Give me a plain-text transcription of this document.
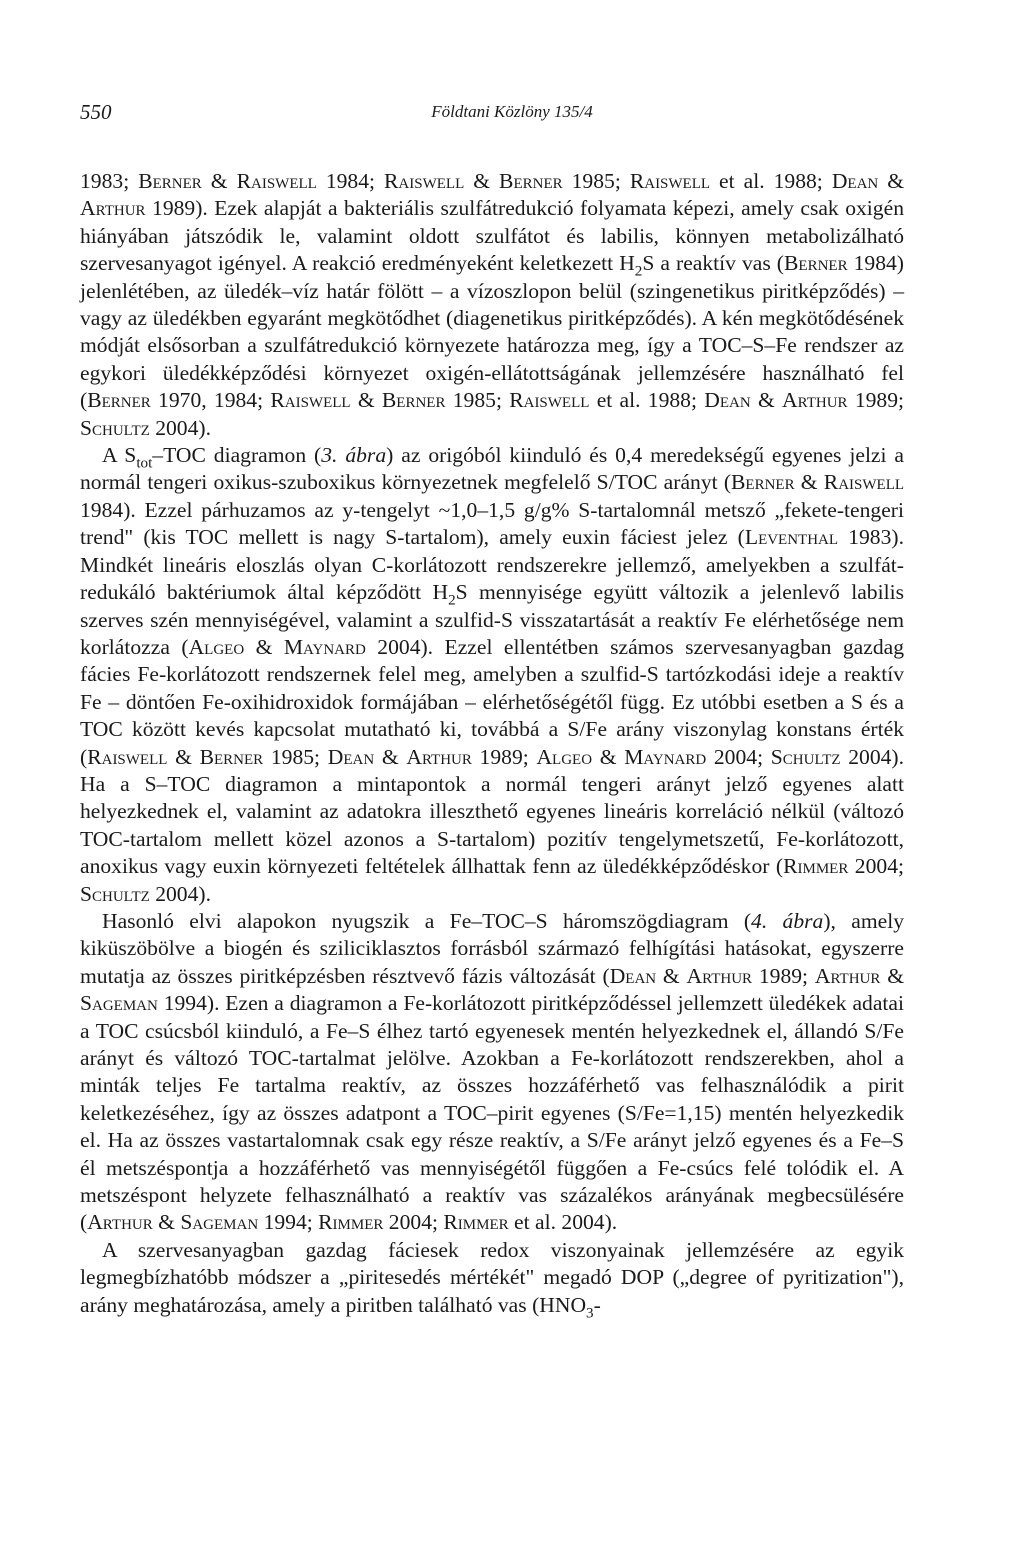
550	Földtani Közlöny 135/4

1983; Berner & Raiswell 1984; Raiswell & Berner 1985; Raiswell et al. 1988; Dean & Arthur 1989). Ezek alapját a bakteriális szulfátredukció folyamata képezi, amely csak oxigén hiányában játszódik le, valamint oldott szulfátot és labilis, könnyen metabolizálható szervesanyagot igényel. A reakció eredményeként keletkezett $H_2S$ a reaktív vas (Berner 1984) jelenlétében, az üledék–víz határ fölött – a vízoszlopon belül (szingenetikus piritképződés) – vagy az üledékben egyaránt megkötődhet (diagenetikus piritképződés). A kén megkötődésének módját elsősorban a szulfátredukció környezete határozza meg, így a TOC–S–Fe rendszer az egykori üledékképződési környezet oxigén-ellátottságának jellemzésére használható fel (Berner 1970, 1984; Raiswell & Berner 1985; Raiswell et al. 1988; Dean & Arthur 1989; Schultz 2004).

A $S_{tot}$–TOC diagramon (3. ábra) az origóból kiinduló és 0,4 meredekségű egyenes jelzi a normál tengeri oxikus-szuboxikus környezetnek megfelelő S/TOC arányt (Berner & Raiswell 1984). Ezzel párhuzamos az y-tengelyt ~1,0–1,5 g/g% S-tartalomnál metsző „fekete-tengeri trend" (kis TOC mellett is nagy S-tartalom), amely euxin fáciest jelez (Leventhal 1983). Mindkét lineáris eloszlás olyan C-korlátozott rendszerekre jellemző, amelyekben a szulfát-redukáló baktériumok által képződött $H_2S$ mennyisége együtt változik a jelenlevő labilis szerves szén mennyiségével, valamint a szulfid-S visszatartását a reaktív Fe elérhetősége nem korlátozza (Algeo & Maynard 2004). Ezzel ellentétben számos szervesanyagban gazdag fácies Fe-korlátozott rendszernek felel meg, amelyben a szulfid-S tartózkodási ideje a reaktív Fe – döntően Fe-oxihidroxidok formájában – elérhetőségétől függ. Ez utóbbi esetben a S és a TOC között kevés kapcsolat mutatható ki, továbbá a S/Fe arány viszonylag konstans érték (Raiswell & Berner 1985; Dean & Arthur 1989; Algeo & Maynard 2004; Schultz 2004). Ha a S–TOC diagramon a mintapontok a normál tengeri arányt jelző egyenes alatt helyezkednek el, valamint az adatokra illeszthető egyenes lineáris korreláció nélkül (változó TOC-tartalom mellett közel azonos a S-tartalom) pozitív tengelymetszetű, Fe-korlátozott, anoxikus vagy euxin környezeti feltételek állhattak fenn az üledékképződéskor (Rimmer 2004; Schultz 2004).

Hasonló elvi alapokon nyugszik a Fe–TOC–S háromszögdiagram (4. ábra), amely kiküszöbölve a biogén és sziliciklasztos forrásból származó felhígítási hatásokat, egyszerre mutatja az összes piritképzésben résztvevő fázis változását (Dean & Arthur 1989; Arthur & Sageman 1994). Ezen a diagramon a Fe-korlátozott piritképződéssel jellemzett üledékek adatai a TOC csúcsból kiinduló, a Fe–S élhez tartó egyenesek mentén helyezkednek el, állandó S/Fe arányt és változó TOC-tartalmat jelölve. Azokban a Fe-korlátozott rendszerekben, ahol a minták teljes Fe tartalma reaktív, az összes hozzáférhető vas felhasználódik a pirit keletkezéséhez, így az összes adatpont a TOC–pirit egyenes (S/Fe=1,15) mentén helyezkedik el. Ha az összes vastartalomnak csak egy része reaktív, a S/Fe arányt jelző egyenes és a Fe–S él metszéspontja a hozzáférhető vas mennyiségétől függően a Fe-csúcs felé tolódik el. A metszéspont helyzete felhasználható a reaktív vas százalékos arányának megbecsülésére (Arthur & Sageman 1994; Rimmer 2004; Rimmer et al. 2004).

A szervesanyagban gazdag fáciesek redox viszonyainak jellemzésére az egyik legmegbízhatóbb módszer a „piritesedés mértékét" megadó DOP („degree of pyritization"), arány meghatározása, amely a piritben található vas ($HNO_3-$
